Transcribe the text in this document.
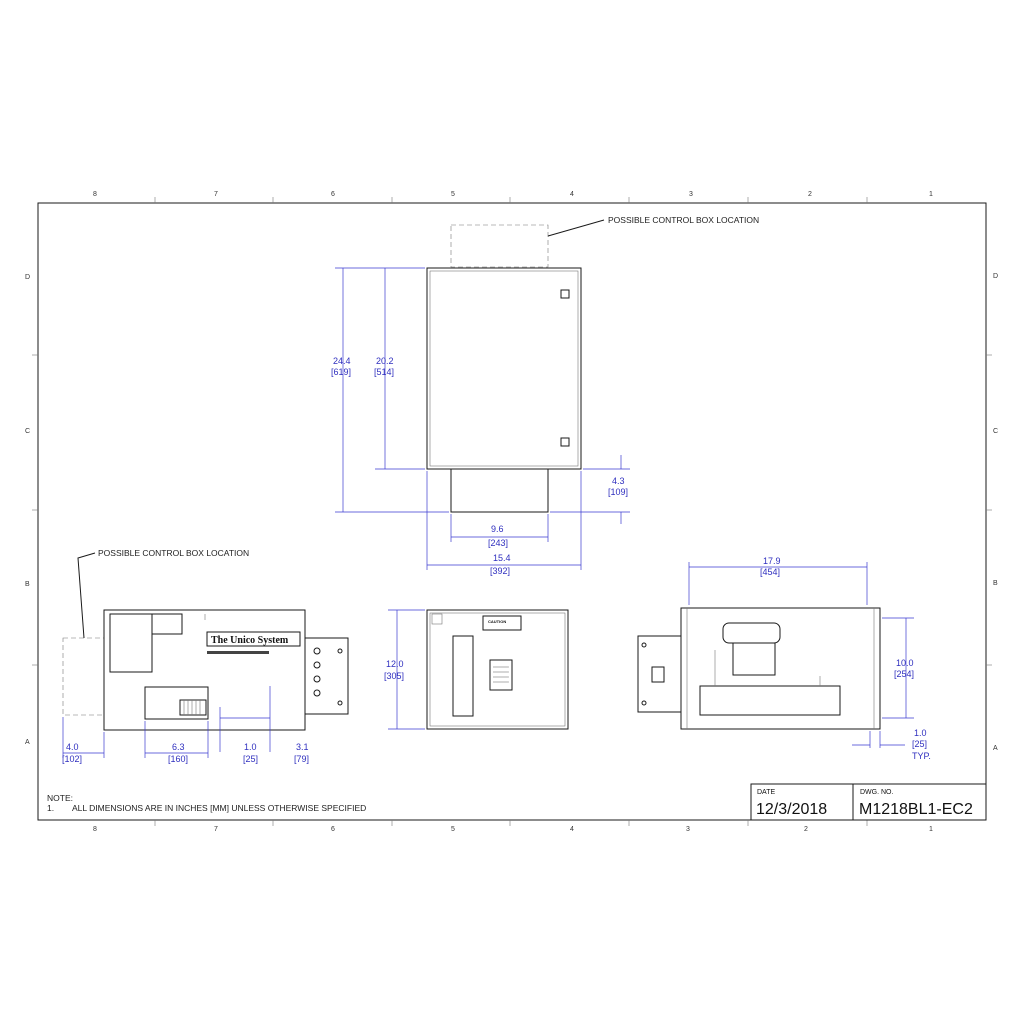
8	7	6	5	4	3	2	1
8	7	6	5	4	3	2	1
D
C
B
A
D
C
B
A
POSSIBLE CONTROL BOX LOCATION
24.4
[619]
20.2
[514]
4.3
[109]
9.6
[243]
15.4
[392]
POSSIBLE CONTROL BOX LOCATION
The Unico System
4.0
[102]
6.3
[160]
1.0
[25]
3.1
[79]
CAUTION
12.0
[305]
17.9
[454]
10.0
[254]
1.0
[25]
TYP.
NOTE:
1. ALL DIMENSIONS ARE IN INCHES [MM] UNLESS OTHERWISE SPECIFIED
DATE
12/3/2018
DWG. NO.
M1218BL1-EC2
